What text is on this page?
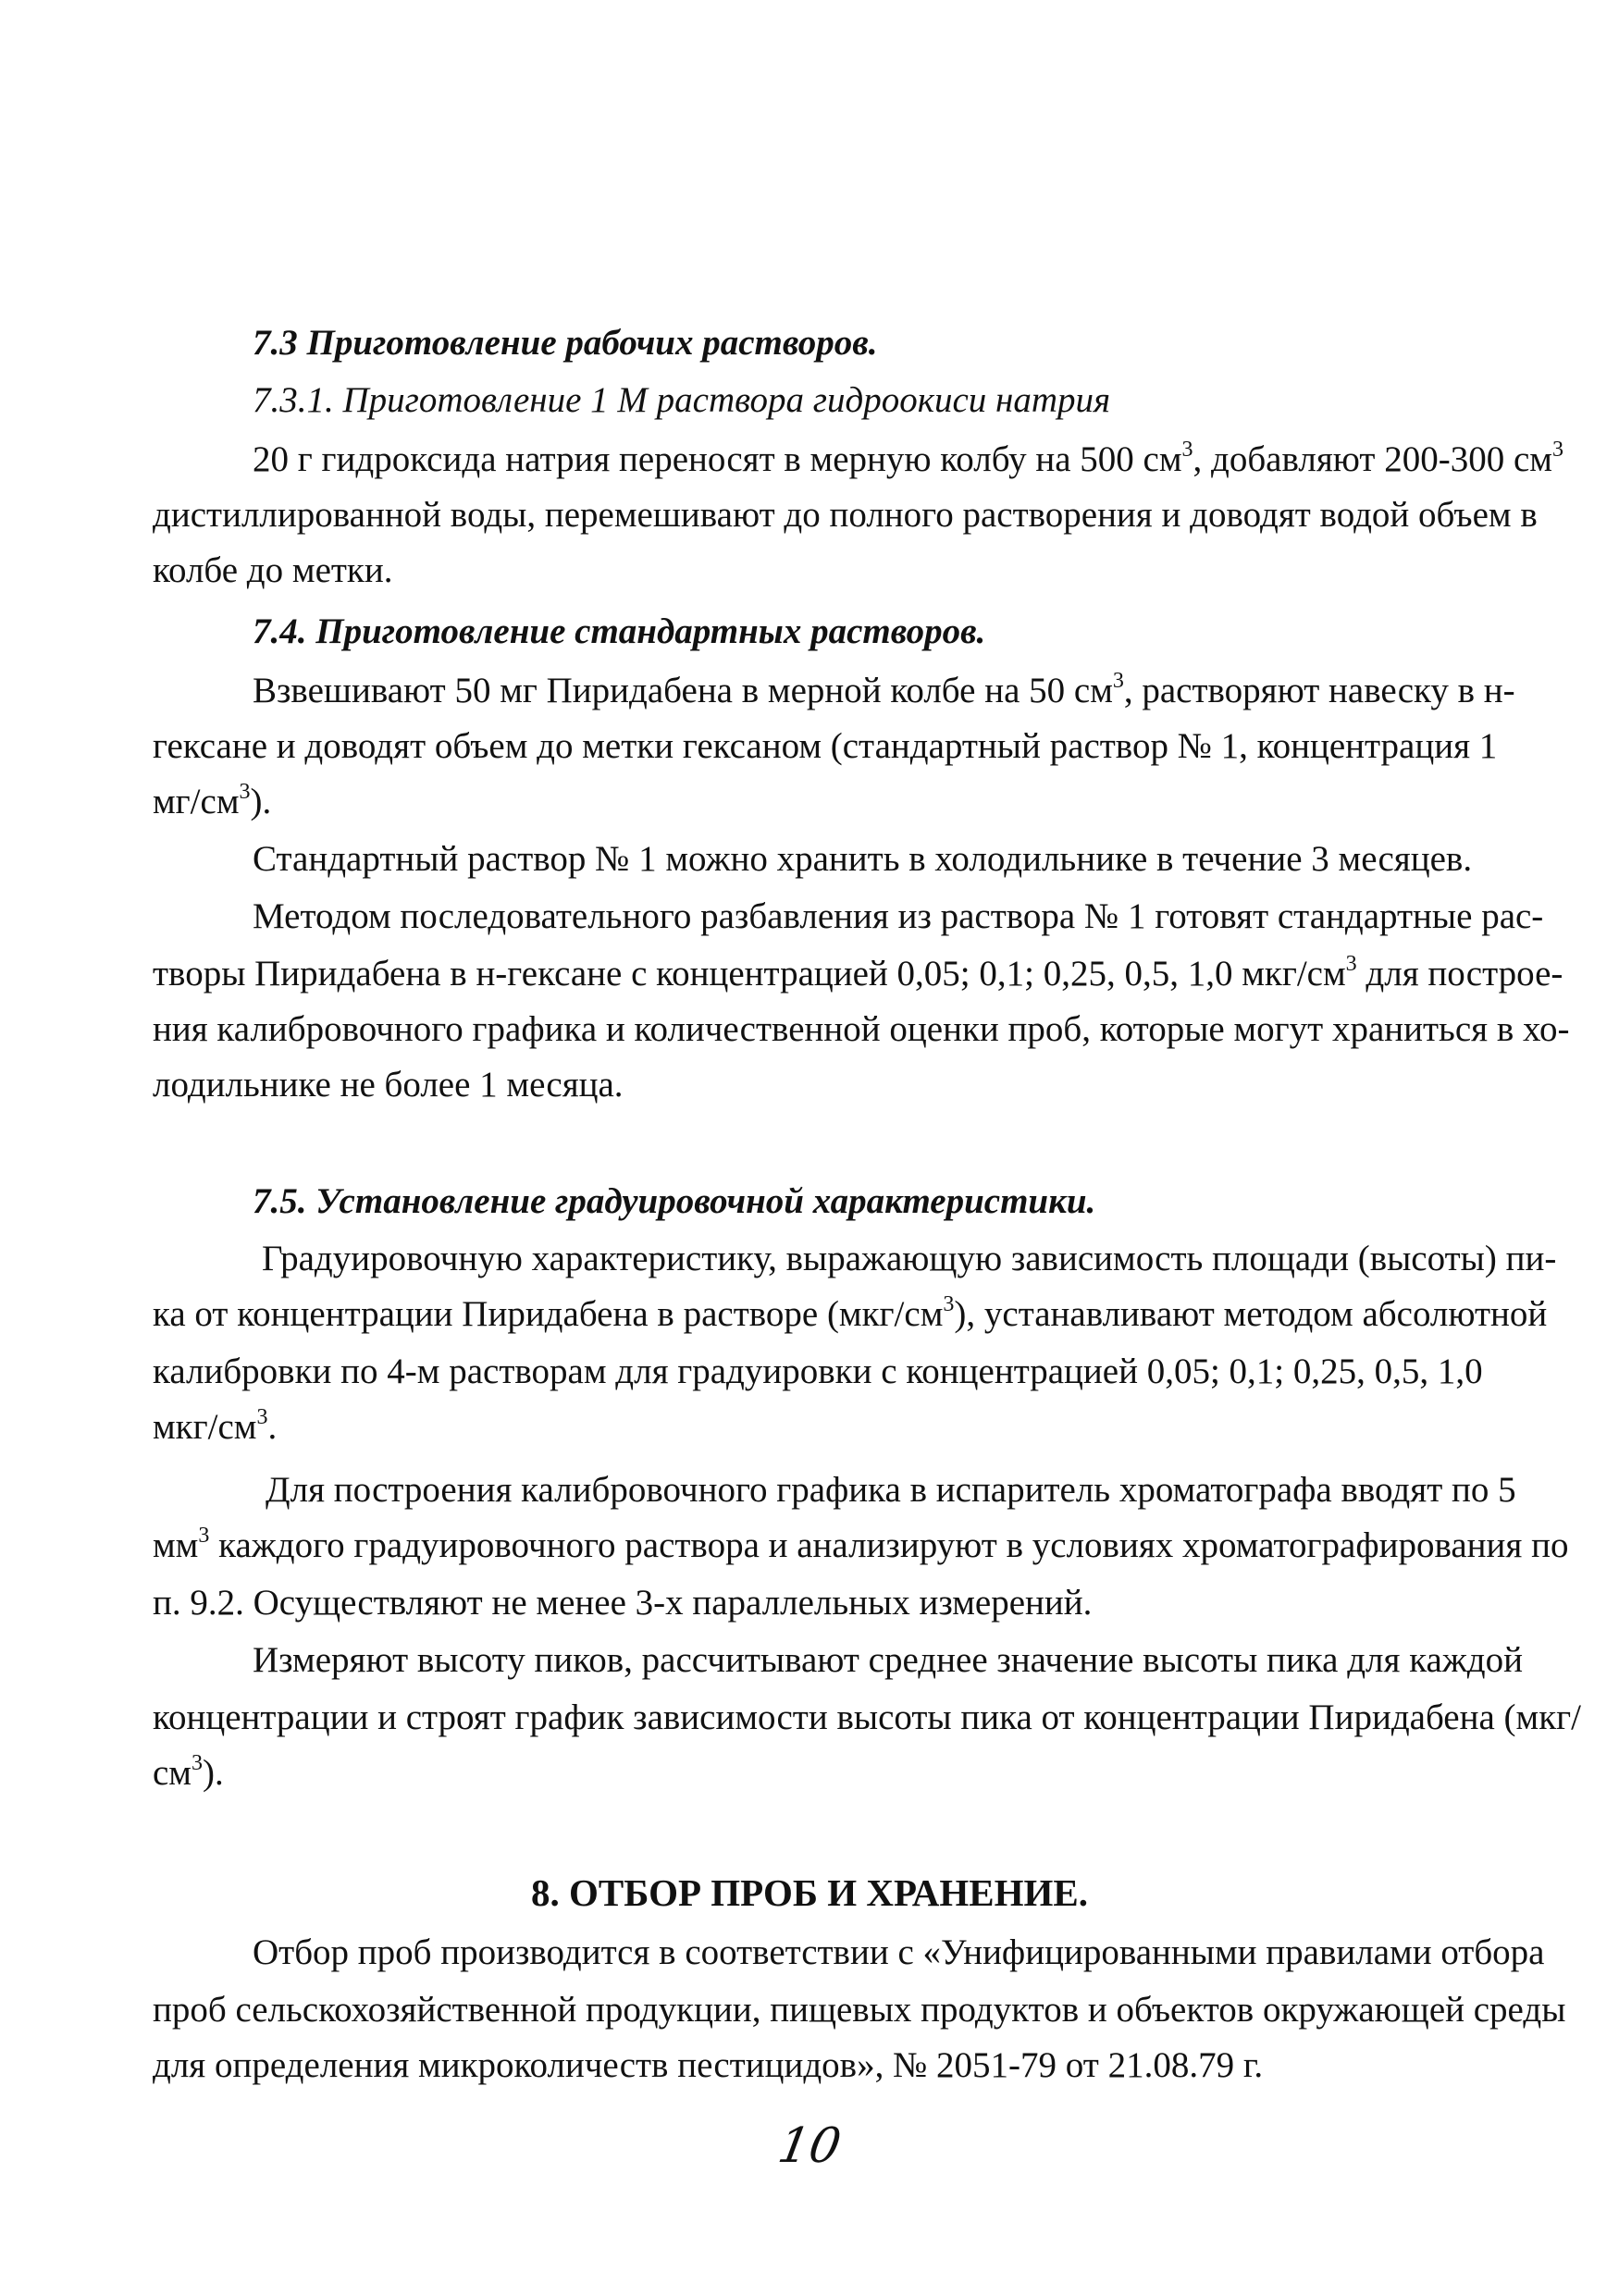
7.3 Приготовление рабочих растворов.
7.3.1. Приготовление 1 М раствора гидроокиси натрия
20 г гидроксида натрия переносят в мерную колбу на 500 $см^3$, добавляют 200-300 $см^3$
дистиллированной воды, перемешивают до полного растворения и доводят водой объем в
колбе до метки.
7.4. Приготовление стандартных растворов.
Взвешивают 50 мг Пиридабена в мерной колбе на 50 $см^3$, растворяют навеску в н-
гексане и доводят объем до метки гексаном (стандартный раствор № 1, концентрация 1
$мг/см^3$).
Стандартный раствор № 1 можно хранить в холодильнике в течение 3 месяцев.
Методом последовательного разбавления из раствора № 1 готовят стандартные рас-
творы Пиридабена в н-гексане с концентрацией 0,05; 0,1; 0,25, 0,5, 1,0 мкг/$см^3$ для построе-
ния калибровочного графика и количественной оценки проб, которые могут храниться в хо-
лодильнике не более 1 месяца.
7.5. Установление градуировочной характеристики.
Градуировочную характеристику, выражающую зависимость площади (высоты) пи-
ка от концентрации Пиридабена в растворе $(мкг/см^3)$, устанавливают методом абсолютной
калибровки по 4-м растворам для градуировки с концентрацией 0,05; 0,1; 0,25, 0,5, 1,0
мкг/$см^3$.
Для построения калибровочного графика в испаритель хроматографа вводят по 5
$мм^3$ каждого градуировочного раствора и анализируют в условиях хроматографирования по
п. 9.2. Осуществляют не менее 3-х параллельных измерений.
Измеряют высоту пиков, рассчитывают среднее значение высоты пика для каждой
концентрации и строят график зависимости высоты пика от концентрации Пиридабена (мкг/
$см^3$).
8. ОТБОР ПРОБ И ХРАНЕНИЕ.
Отбор проб производится в соответствии с «Унифицированными правилами отбора
проб сельскохозяйственной продукции, пищевых продуктов и объектов окружающей среды
для определения микроколичеств пестицидов», № 2051-79 от 21.08.79 г.
10
